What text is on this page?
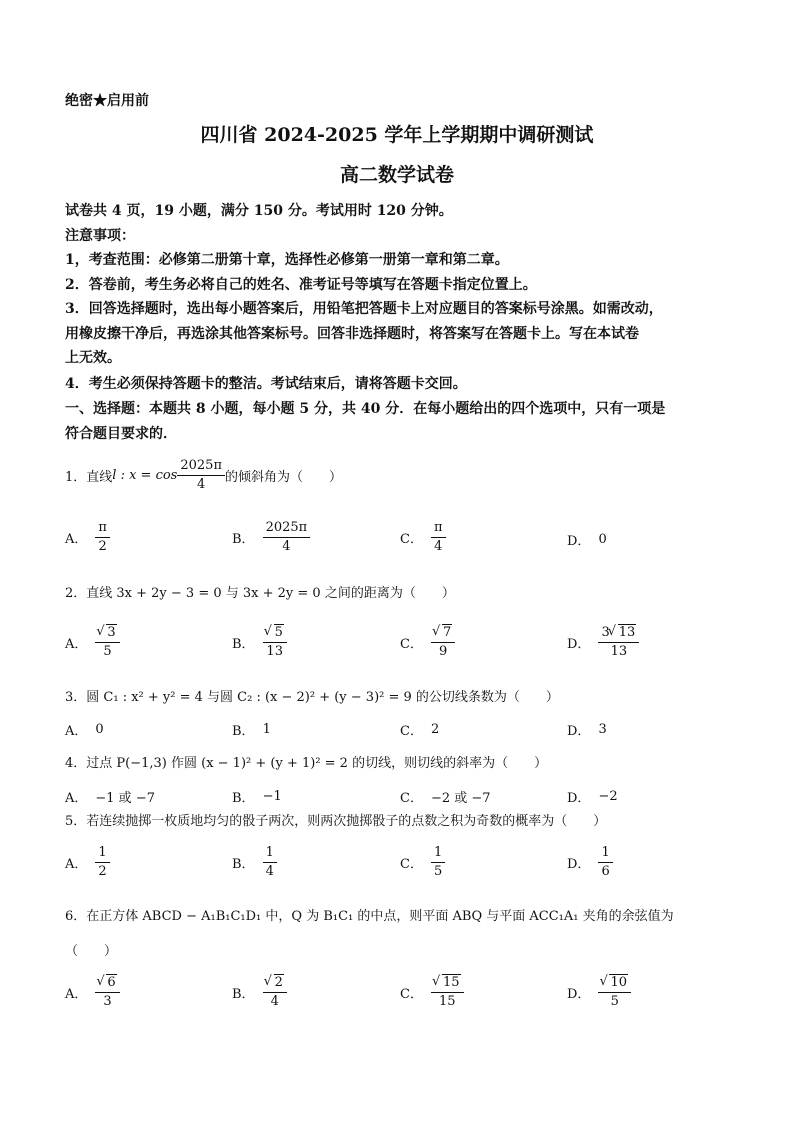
绝密★启用前
四川省 2024-2025 学年上学期期中调研测试
高二数学试卷
试卷共 4 页，19 小题，满分 150 分。考试用时 120 分钟。
注意事项：
1，考查范围：必修第二册第十章，选择性必修第一册第一章和第二章。
2．答卷前，考生务必将自己的姓名、准考证号等填写在答题卡指定位置上。
3．回答选择题时，选出每小题答案后，用铅笔把答题卡上对应题目的答案标号涂黑。如需改动，
用橡皮擦干净后，再选涂其他答案标号。回答非选择题时，将答案写在答题卡上。写在本试卷
上无效。
4．考生必须保持答题卡的整洁。考试结束后，请将答题卡交回。
一、选择题：本题共 8 小题，每小题 5 分，共 40 分．在每小题给出的四个选项中，只有一项是
符合题目要求的．
1．直线 l : $x = \cos \frac{2025\pi}{4}$ 的倾斜角为（　　）
A． $\frac{\pi}{2}$	B． $\frac{2025\pi}{4}$	C． $\frac{\pi}{4}$	D． 0
2．直线 3x + 2y − 3 = 0 与 3x + 2y = 0 之间的距离为（　　）
A． √ $\frac{3}{5}$	B． √ $\frac{5}{13}$	C． √ $\frac{7}{9}$	D． $\frac{3 √ 13}{13}$
3．圆 C₁ : x² + y² = 4 与圆 C₂ : (x − 2)² + (y − 3)² = 9 的公切线条数为（　　）
A． 0	B． 1	C． 2	D． 3
4．过点 P(−1,3) 作圆 (x − 1)² + (y + 1)² = 2 的切线，则切线的斜率为（　　）
A． −1 或 −7	B． −1	C． −2 或 −7	D． −2
5．若连续抛掷一枚质地均匀的骰子两次，则两次抛掷骰子的点数之积为奇数的概率为（　　）
A． $\frac{1}{2}$	B． $\frac{1}{4}$	C． $\frac{1}{5}$	D． $\frac{1}{6}$
6．在正方体 ABCD − A₁B₁C₁D₁ 中，Q 为 B₁C₁ 的中点，则平面 ABQ 与平面 ACC₁A₁ 夹角的余弦值为
（　　）
A． √ $\frac{6}{3}$	B． √ $\frac{2}{4}$	C． √ $\frac{15}{15}$	D． √ $\frac{10}{5}$
